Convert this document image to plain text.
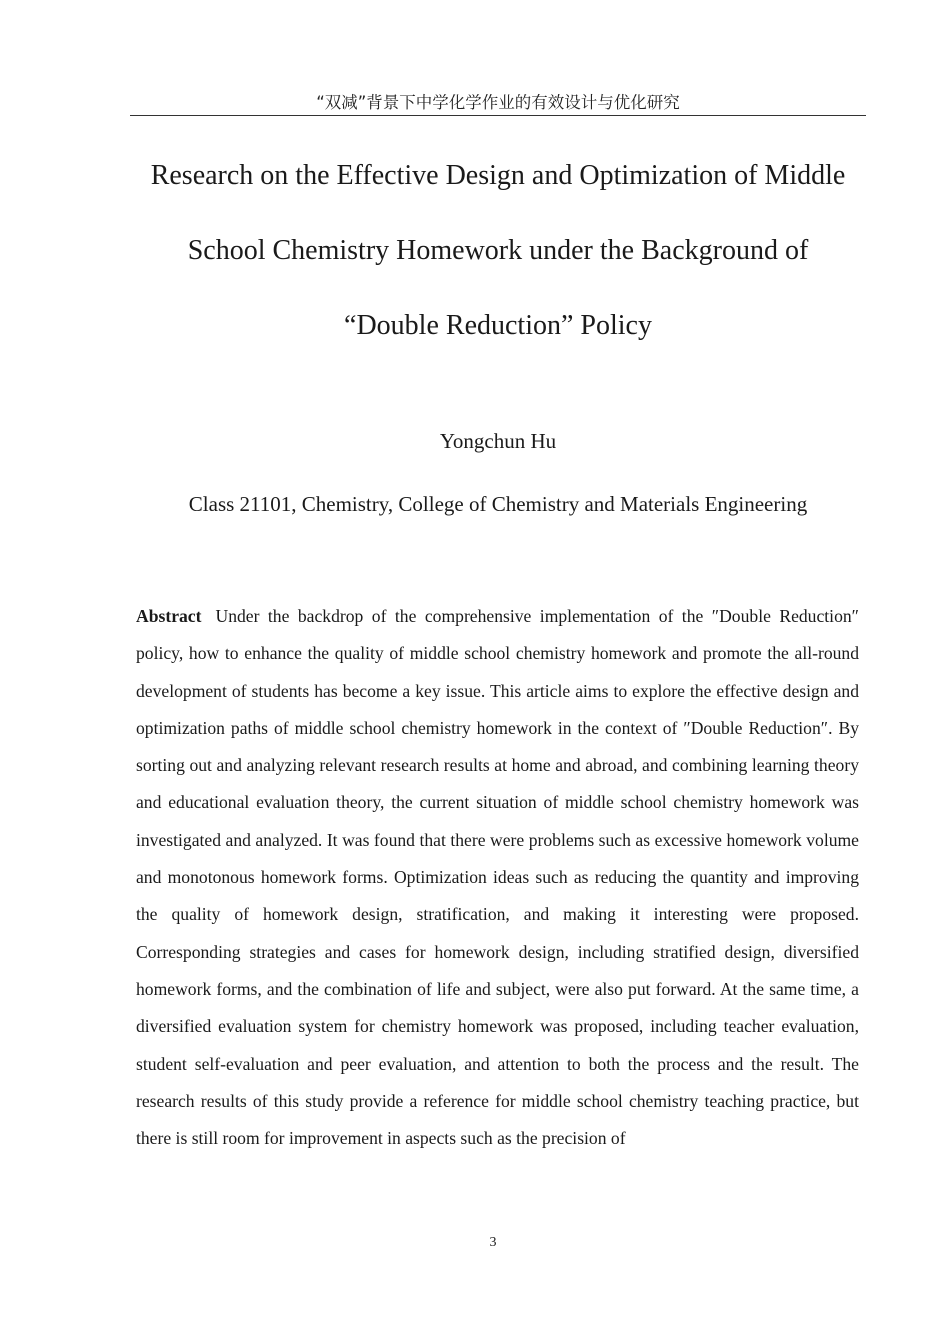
“双减”背景下中学化学作业的有效设计与优化研究
Research on the Effective Design and Optimization of Middle
School Chemistry Homework under the Background of
“Double Reduction” Policy

Yongchun Hu

Class 21101, Chemistry, College of Chemistry and Materials Engineering

Abstract Under the backdrop of the comprehensive implementation of the ″Double Reduction″ policy, how to enhance the quality of middle school chemistry homework and promote the all-round development of students has become a key issue. This article aims to explore the effective design and optimization paths of middle school chemistry homework in the context of ″Double Reduction″. By sorting out and analyzing relevant research results at home and abroad, and combining learning theory and educational evaluation theory, the current situation of middle school chemistry homework was investigated and analyzed. It was found that there were problems such as excessive homework volume and monotonous homework forms. Optimization ideas such as reducing the quantity and improving the quality of homework design, stratification, and making it interesting were proposed. Corresponding strategies and cases for homework design, including stratified design, diversified homework forms, and the combination of life and subject, were also put forward. At the same time, a diversified evaluation system for chemistry homework was proposed, including teacher evaluation, student self-evaluation and peer evaluation, and attention to both the process and the result. The research results of this study provide a reference for middle school chemistry teaching practice, but there is still room for improvement in aspects such as the precision of

3
